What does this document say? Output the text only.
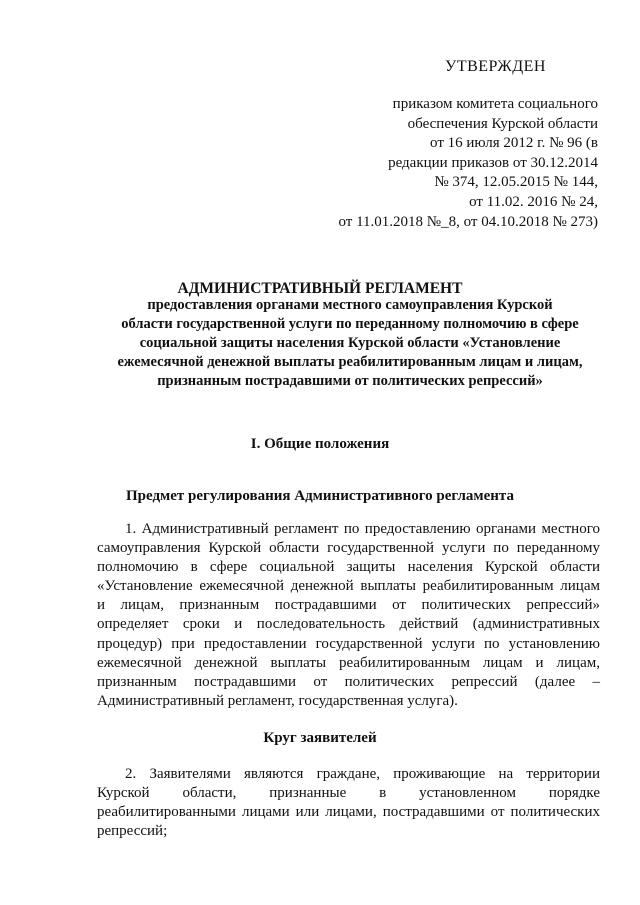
УТВЕРЖДЕН
приказом комитета социального
обеспечения Курской области
от 16 июля 2012 г. № 96 (в
редакции приказов от 30.12.2014
№ 374, 12.05.2015 № 144,
от 11.02. 2016 № 24,
от 11.01.2018 №_8, от 04.10.2018 № 273)
АДМИНИСТРАТИВНЫЙ РЕГЛАМЕНТ
предоставления органами местного самоуправления Курской
области государственной услуги по переданному полномочию в сфере
социальной защиты населения Курской области «Установление
ежемесячной денежной выплаты реабилитированным лицам и лицам,
признанным пострадавшими от политических репрессий»
I. Общие положения
Предмет регулирования Административного регламента
1. Административный регламент по предоставлению органами местного
самоуправления Курской области государственной услуги по переданному
полномочию в сфере социальной защиты населения Курской области
«Установление ежемесячной денежной выплаты реабилитированным лицам
и лицам, признанным пострадавшими от политических репрессий»
определяет сроки и последовательность действий (административных
процедур) при предоставлении государственной услуги по установлению
ежемесячной денежной выплаты реабилитированным лицам и лицам,
признанным пострадавшими от политических репрессий (далее –
Административный регламент, государственная услуга).
Круг заявителей
2. Заявителями являются граждане, проживающие на территории
Курской области, признанные в установленном порядке
реабилитированными лицами или лицами, пострадавшими от политических
репрессий;
